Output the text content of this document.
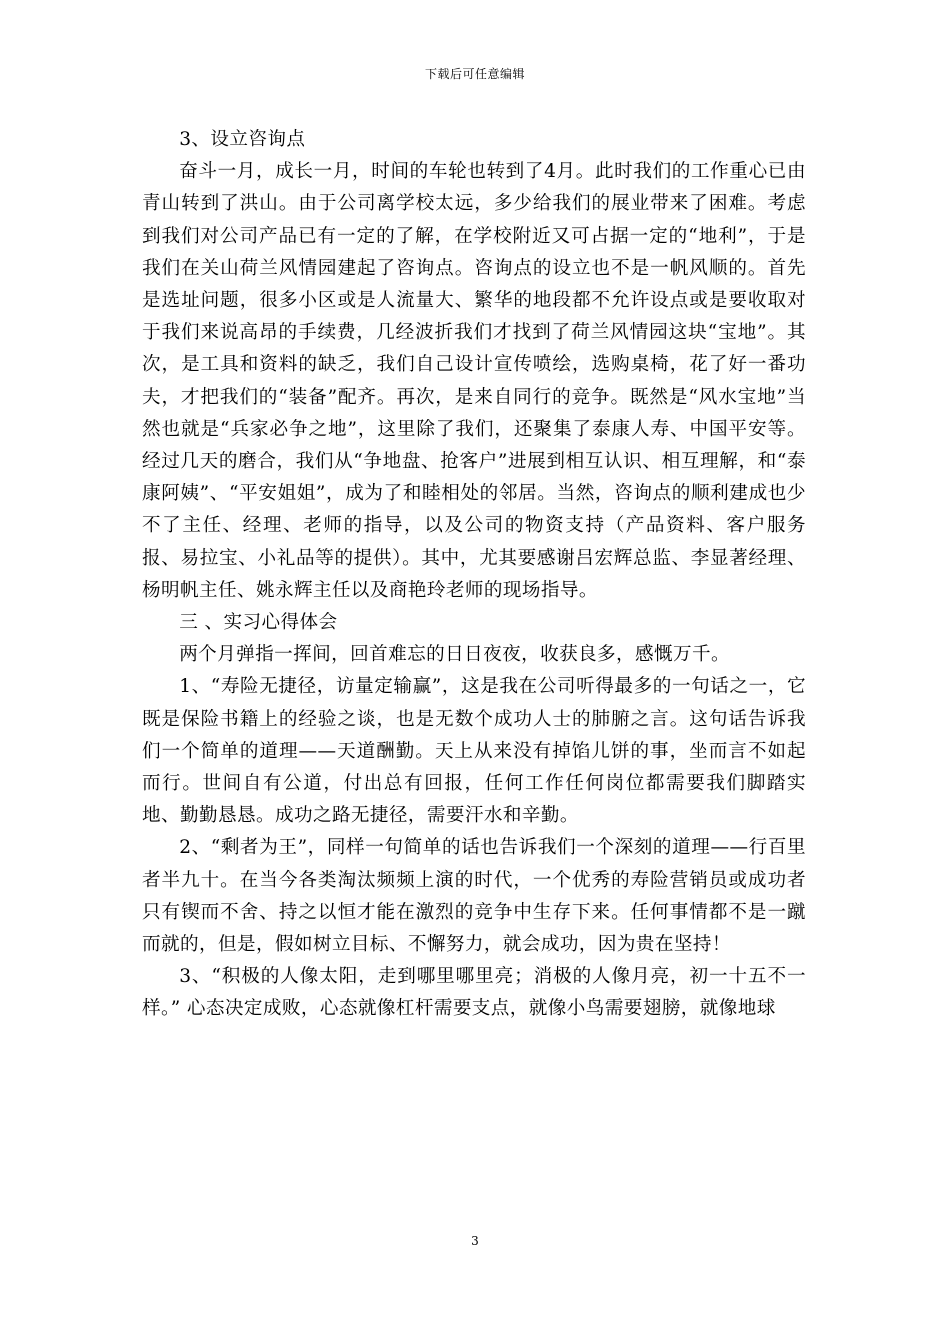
下载后可任意编辑

3、设立咨询点

奋斗一月，成长一月，时间的车轮也转到了4月。此时我们的工作重心已由青山转到了洪山。由于公司离学校太远，多少给我们的展业带来了困难。考虑到我们对公司产品已有一定的了解，在学校附近又可占据一定的“地利”，于是我们在关山荷兰风情园建起了咨询点。咨询点的设立也不是一帆风顺的。首先是选址问题，很多小区或是人流量大、繁华的地段都不允许设点或是要收取对于我们来说高昂的手续费，几经波折我们才找到了荷兰风情园这块“宝地”。其次，是工具和资料的缺乏，我们自己设计宣传喷绘，选购桌椅，花了好一番功夫，才把我们的“装备”配齐。再次，是来自同行的竞争。既然是“风水宝地”当然也就是“兵家必争之地”，这里除了我们，还聚集了泰康人寿、中国平安等。经过几天的磨合，我们从“争地盘、抢客户”进展到相互认识、相互理解，和“泰康阿姨”、“平安姐姐”，成为了和睦相处的邻居。当然，咨询点的顺利建成也少不了主任、经理、老师的指导，以及公司的物资支持（产品资料、客户服务报、易拉宝、小礼品等的提供）。其中，尤其要感谢吕宏辉总监、李显著经理、杨明帆主任、姚永辉主任以及商艳玲老师的现场指导。

三 、实习心得体会

两个月弹指一挥间，回首难忘的日日夜夜，收获良多，感慨万千。

1、“寿险无捷径，访量定输赢”，这是我在公司听得最多的一句话之一，它既是保险书籍上的经验之谈，也是无数个成功人士的肺腑之言。这句话告诉我们一个简单的道理——天道酬勤。天上从来没有掉馅儿饼的事，坐而言不如起而行。世间自有公道，付出总有回报，任何工作任何岗位都需要我们脚踏实地、勤勤恳恳。成功之路无捷径，需要汗水和辛勤。

2、“剩者为王”，同样一句简单的话也告诉我们一个深刻的道理——行百里者半九十。在当今各类淘汰频频上演的时代，一个优秀的寿险营销员或成功者只有锲而不舍、持之以恒才能在激烈的竞争中生存下来。任何事情都不是一蹴而就的，但是，假如树立目标、不懈努力，就会成功，因为贵在坚持！

3、“积极的人像太阳，走到哪里哪里亮；消极的人像月亮，初一十五不一样。” 心态决定成败，心态就像杠杆需要支点，就像小鸟需要翅膀，就像地球

3
